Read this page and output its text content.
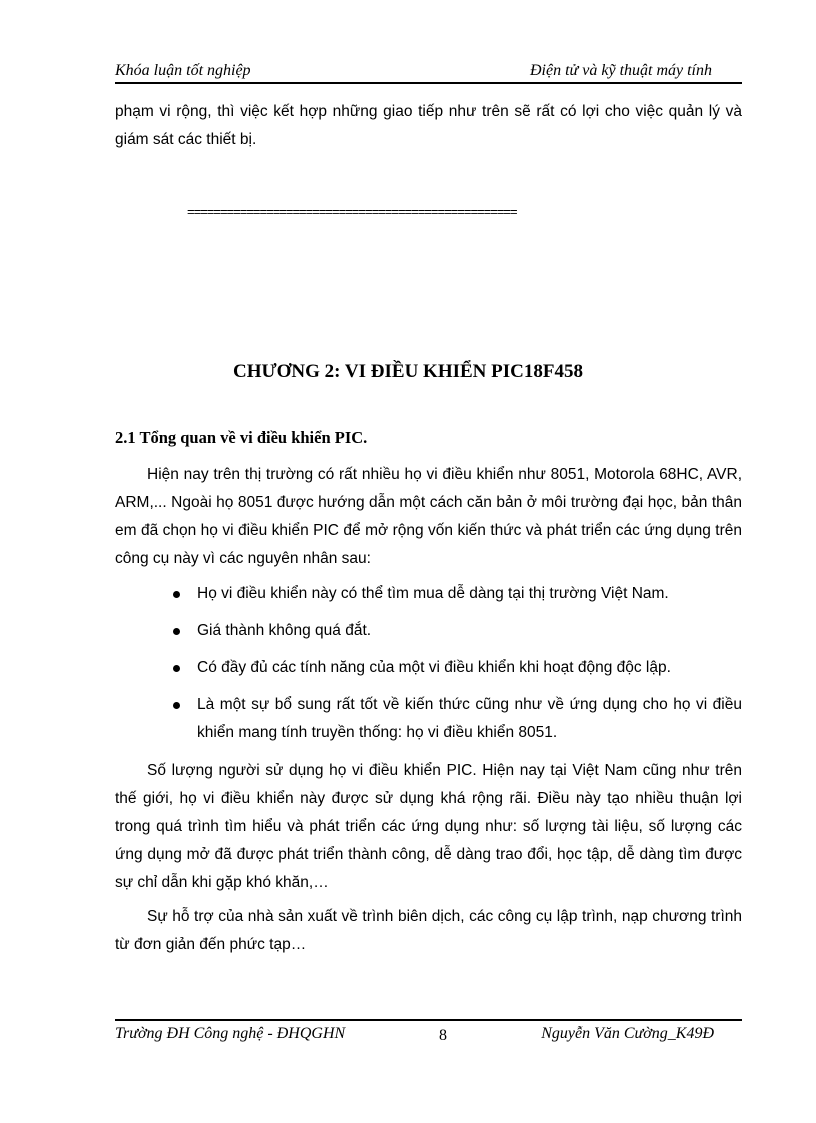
Khóa luận tốt nghiệp	Điện tử và kỹ thuật máy tính

phạm vi rộng, thì việc kết hợp những giao tiếp như trên sẽ rất có lợi cho việc quản lý và giám sát các thiết bị.

==================================================
CHƯƠNG 2: VI ĐIỀU KHIỂN PIC18F458
2.1 Tổng quan về vi điều khiển PIC.

Hiện nay trên thị trường có rất nhiều họ vi điều khiển như 8051, Motorola 68HC, AVR, ARM,... Ngoài họ 8051 được hướng dẫn một cách căn bản ở môi trường đại học, bản thân em đã chọn họ vi điều khiển PIC để mở rộng vốn kiến thức và phát triển các ứng dụng trên công cụ này vì các nguyên nhân sau:

Họ vi điều khiển này có thể tìm mua dễ dàng tại thị trường Việt Nam.
Giá thành không quá đắt.
Có đầy đủ các tính năng của một vi điều khiển khi hoạt động độc lập.
Là một sự bổ sung rất tốt về kiến thức cũng như về ứng dụng cho họ vi điều khiển mang tính truyền thống: họ vi điều khiển 8051.

Số lượng người sử dụng họ vi điều khiển PIC. Hiện nay tại Việt Nam cũng như trên thế giới, họ vi điều khiển này được sử dụng khá rộng rãi. Điều này tạo nhiều thuận lợi trong quá trình tìm hiểu và phát triển các ứng dụng như: số lượng tài liệu, số lượng các ứng dụng mở đã được phát triển thành công, dễ dàng trao đổi, học tập, dễ dàng tìm được sự chỉ dẫn khi gặp khó khăn,…

Sự hỗ trợ của nhà sản xuất về trình biên dịch, các công cụ lập trình, nạp chương trình từ đơn giản đến phức tạp…

Trường ĐH Công nghệ - ĐHQGHN	8	Nguyễn Văn Cường_K49Đ
